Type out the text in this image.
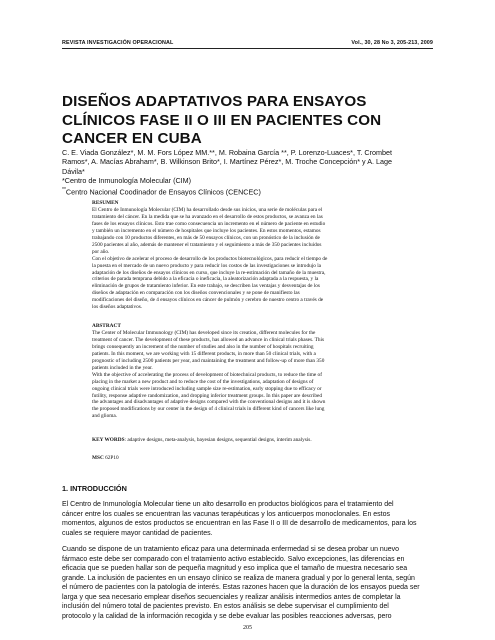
REVISTA INVESTIGACIÓN OPERACIONAL	Vol., 30, 28 No 3, 205-213, 2009
DISEÑOS ADAPTATIVOS PARA ENSAYOS
CLÍNICOS FASE II O III EN PACIENTES CON
CANCER EN CUBA
C. E. Viada González*, M. M. Fors López MM.**, M. Robaina García **, P. Lorenzo-Luaces*, T. Crombet
Ramos*, A. Macías Abraham*, B. Wilkinson Brito*, I. Martínez Pérez*, M. Troche Concepción* y A. Lage
Dávila*
*Centro de Inmunología Molecular (CIM)
**Centro Nacional Coodinador de Ensayos Clínicos (CENCEC)
RESUMEN

El Centro de Inmunología Molecular (CIM) ha desarrollado desde sus inicios, una serie de moléculas para el
tratamiento del cáncer. En la medida que se ha avanzado en el desarrollo de estos productos, se avanza en las
fases de los ensayos clínicos. Esto trae como consecuencia un incremento en el número de paciente en estudio
y también un incremento en el número de hospitales que incluye los pacientes. En estos momentos, estamos
trabajando con 10 productos diferentes, en más de 50 ensayos clínicos, con un pronóstico de la inclusión de
2500 pacientes al año, además de mantener el tratamiento y el seguimiento a más de 350 pacientes incluidos
por año.
Con el objetivo de acelerar el proceso de desarrollo de los productos biotecnológicos, para reducir el tiempo de
la puesta en el mercado de un nuevo producto y para reducir los costos de las investigaciones se introdujo la
adaptación de los diseños de ensayos clínicos en curso, que incluye la re-estimación del tamaño de la muestra,
criterios de parada temprana debido a la eficacia o ineficacia, la aleatorización adaptada a la respuesta, y la
eliminación de grupos de tratamiento inferior. En este trabajo, se describen las ventajas y desventajas de los
diseños de adaptación en comparación con los diseños convencionales y se pone de manifiesto las
modificaciones del diseño, de 4 ensayos clínicos en cáncer de pulmón y cerebro de nuestro centro a través de
los diseños adaptativos.

ABSTRACT

The Center of Molecular Immunology (CIM) has developed since its creation, different molecules for the
treatment of cancer. The development of these products, has allowed an advance in clinical trials phases. This
brings consequently an increment of the number of studies and also in the number of hospitals recruiting
patients. In this moment, we are working with 15 different products, in more than 50 clinical trials, with a
prognostic of including 2500 patients per year, and maintaining the treatment and follow-up of more than 350
patients included in the year.
With the objective of accelerating the process of development of biotechnical products, to reduce the time of
placing in the market a new product and to reduce the cost of the investigations, adaptation of designs of
ongoing clinical trials were introduced including sample size re-estimation, early stopping due to efficacy or
futility, response adaptive randomization, and dropping inferior treatment groups. In this paper are described
the advantages and disadvantages of adaptive designs compared with the conventional designs and it is shown
the proposed modifications by our center in the design of 4 clinical trials in different kind of cancers like lung
and glioma.

KEY WORDS: adaptive designs, meta-analysis, bayesian designs, sequential designs, interim analysis.
MSC 62P10
1. INTRODUCCIÓN
El Centro de Inmunología Molecular tiene un alto desarrollo en productos biológicos para el tratamiento del
cáncer entre los cuales se encuentran las vacunas terapéuticas y los anticuerpos monoclonales. En estos
momentos, algunos de estos productos se encuentran en las Fase II o III de desarrollo de medicamentos, para los
cuales se requiere mayor cantidad de pacientes.
Cuando se dispone de un tratamiento eficaz para una determinada enfermedad si se desea probar un nuevo
fármaco este debe ser comparado con el tratamiento activo establecido. Salvo excepciones, las diferencias en
eficacia que se pueden hallar son de pequeña magnitud y eso implica que el tamaño de muestra necesario sea
grande. La inclusión de pacientes en un ensayo clínico se realiza de manera gradual y por lo general lenta, según
el número de pacientes con la patología de interés. Estas razones hacen que la duración de los ensayos pueda ser
larga y que sea necesario emplear diseños secuenciales y realizar análisis intermedios antes de completar la
inclusión del número total de pacientes previsto. En estos análisis se debe supervisar el cumplimiento del
protocolo y la calidad de la información recogida y se debe evaluar las posibles reacciones adversas, pero
205
